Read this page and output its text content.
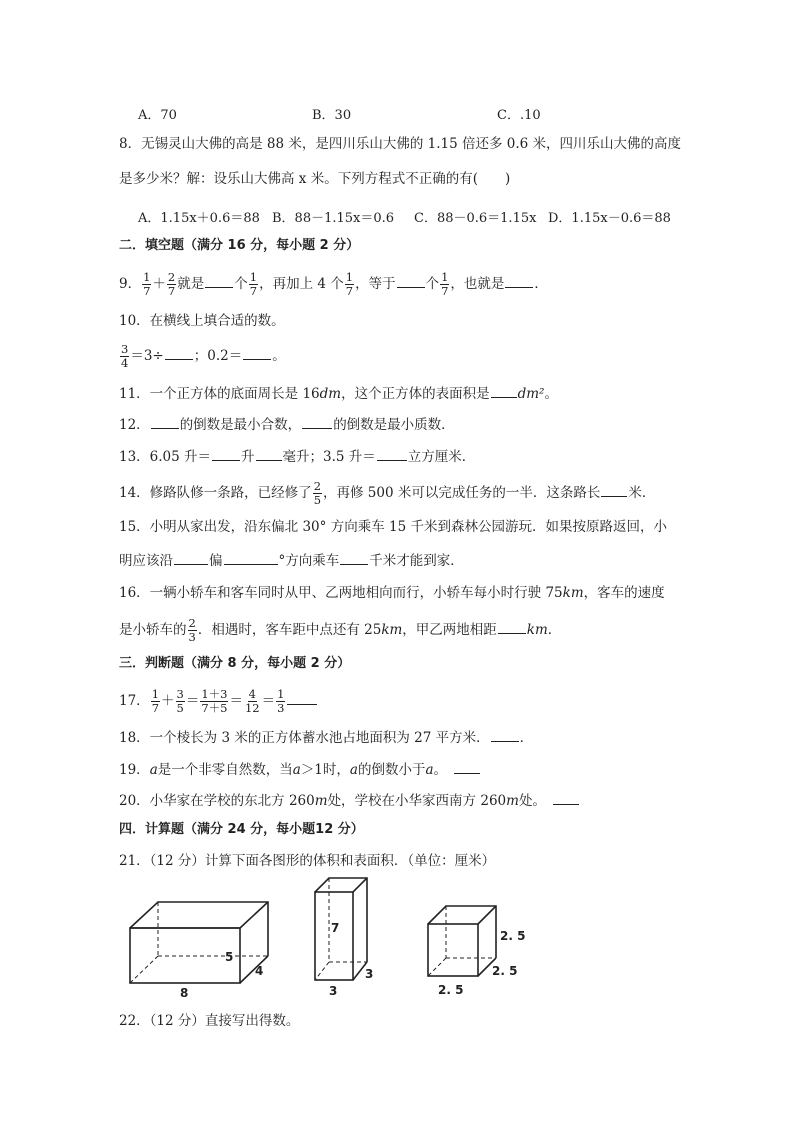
A．70	B．30	C．.10
8．无锡灵山大佛的高是 88 米，是四川乐山大佛的 1.15 倍还多 0.6 米，四川乐山大佛的高度
是多少米？解：设乐山大佛高 x 米。下列方程式不正确的有(　　)
A．1.15x＋0.6＝88 B．88－1.15x＝0.6 C．88－0.6＝1.15x D．1.15x－0.6＝88
二．填空题（满分 16 分，每小题 2 分）
9． $\frac{1}{7} + \frac{2}{7}$ 就是 个 $\frac{1}{7}$ ，再加上 4 个 $\frac{1}{7}$ ，等于 个 $\frac{1}{7}$ ，也就是 ．
10．在横线上填合适的数。
$\frac{3}{4} =3\div$ ；0.2＝ 。
11．一个正方体的底面周长是 16dm，这个正方体的表面积是 dm²。
12． 的倒数是最小合数， 的倒数是最小质数．
13．6.05 升＝ 升 毫升；3.5 升＝ 立方厘米．
14．修路队修一条路，已经修了 $\frac{2}{5}$ ，再修 500 米可以完成任务的一半．这条路长 米．
15．小明从家出发，沿东偏北 30° 方向乘车 15 千米到森林公园游玩．如果按原路返回，小
明应该沿	偏	°方向乘车 千米才能到家．
16．一辆小轿车和客车同时从甲、乙两地相向而行，小轿车每小时行驶 75km，客车的速度
是小轿车的 $\frac{2}{3}$ ．相遇时，客车距中点还有 25km，甲乙两地相距 km．
三．判断题（满分 8 分，每小题 2 分）
17． $\frac{1}{7} + \frac{3}{5} = \frac{1+3}{7+5} = \frac{4}{12} = \frac{1}{3}$
18．一个棱长为 3 米的正方体蓄水池占地面积为 27 平方米． ．
19．a是一个非零自然数，当a＞1时，a的倒数小于a。
20．小华家在学校的东北方 260m处，学校在小华家西南方 260m处。
四．计算题（满分 24 分，每小题12 分）
21．（12 分）计算下面各图形的体积和表面积．（单位：厘米）
5
4
8
7
3
3
2. 5
2. 5
2. 5
22．（12 分）直接写出得数。
